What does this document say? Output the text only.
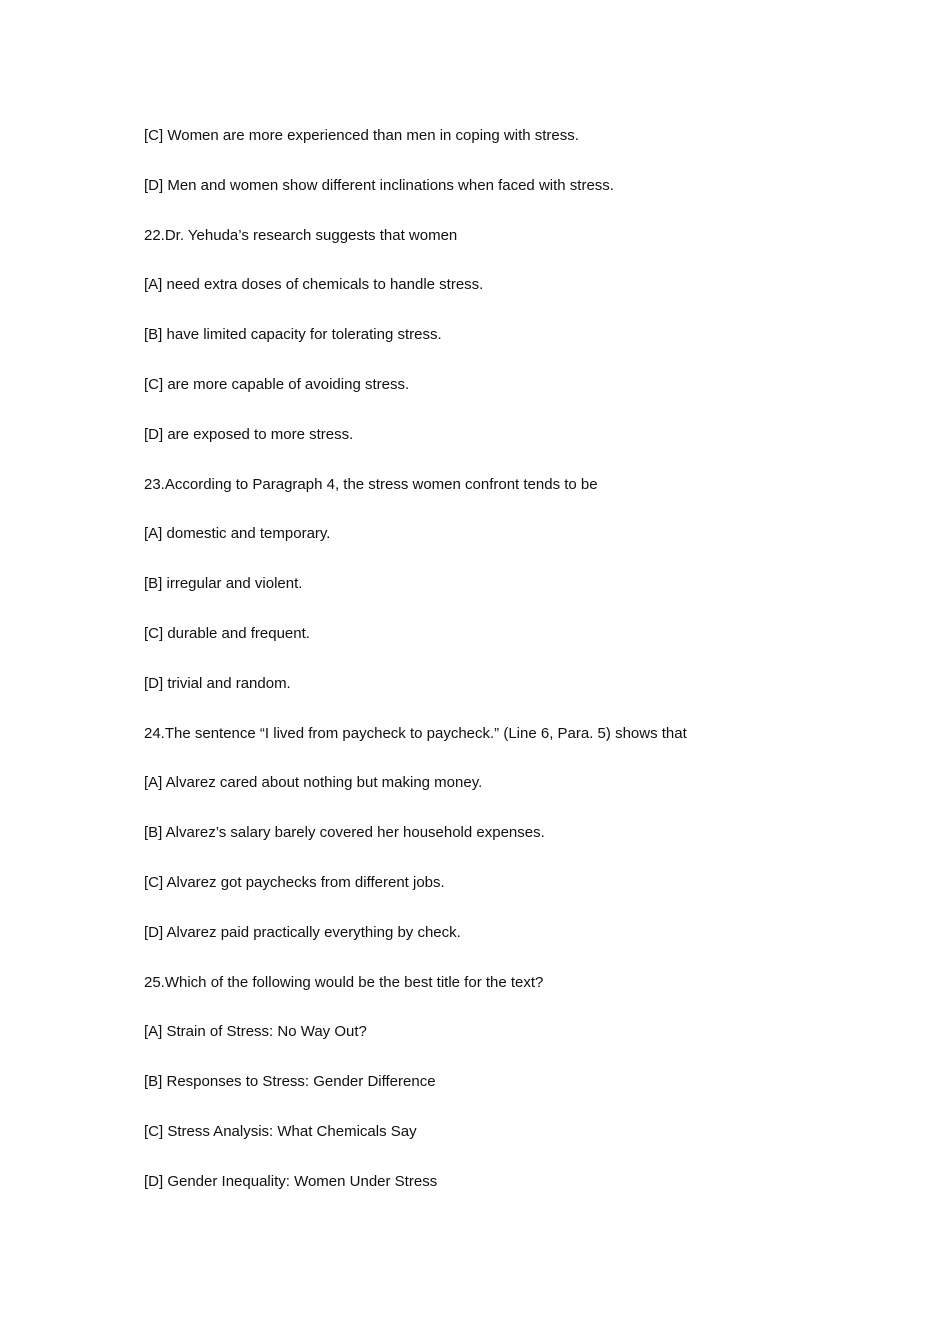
[C] Women are more experienced than men in coping with stress.

[D] Men and women show different inclinations when faced with stress.

22.Dr. Yehuda’s research suggests that women

[A] need extra doses of chemicals to handle stress.

[B] have limited capacity for tolerating stress.

[C] are more capable of avoiding stress.

[D] are exposed to more stress.

23.According to Paragraph 4, the stress women confront tends to be

[A] domestic and temporary.

[B] irregular and violent.

[C] durable and frequent.

[D] trivial and random.

24.The sentence “I lived from paycheck to paycheck.” (Line 6, Para. 5) shows that

[A] Alvarez cared about nothing but making money.

[B] Alvarez’s salary barely covered her household expenses.

[C] Alvarez got paychecks from different jobs.

[D] Alvarez paid practically everything by check.

25.Which of the following would be the best title for the text?

[A] Strain of Stress: No Way Out?

[B] Responses to Stress: Gender Difference

[C] Stress Analysis: What Chemicals Say

[D] Gender Inequality: Women Under Stress
